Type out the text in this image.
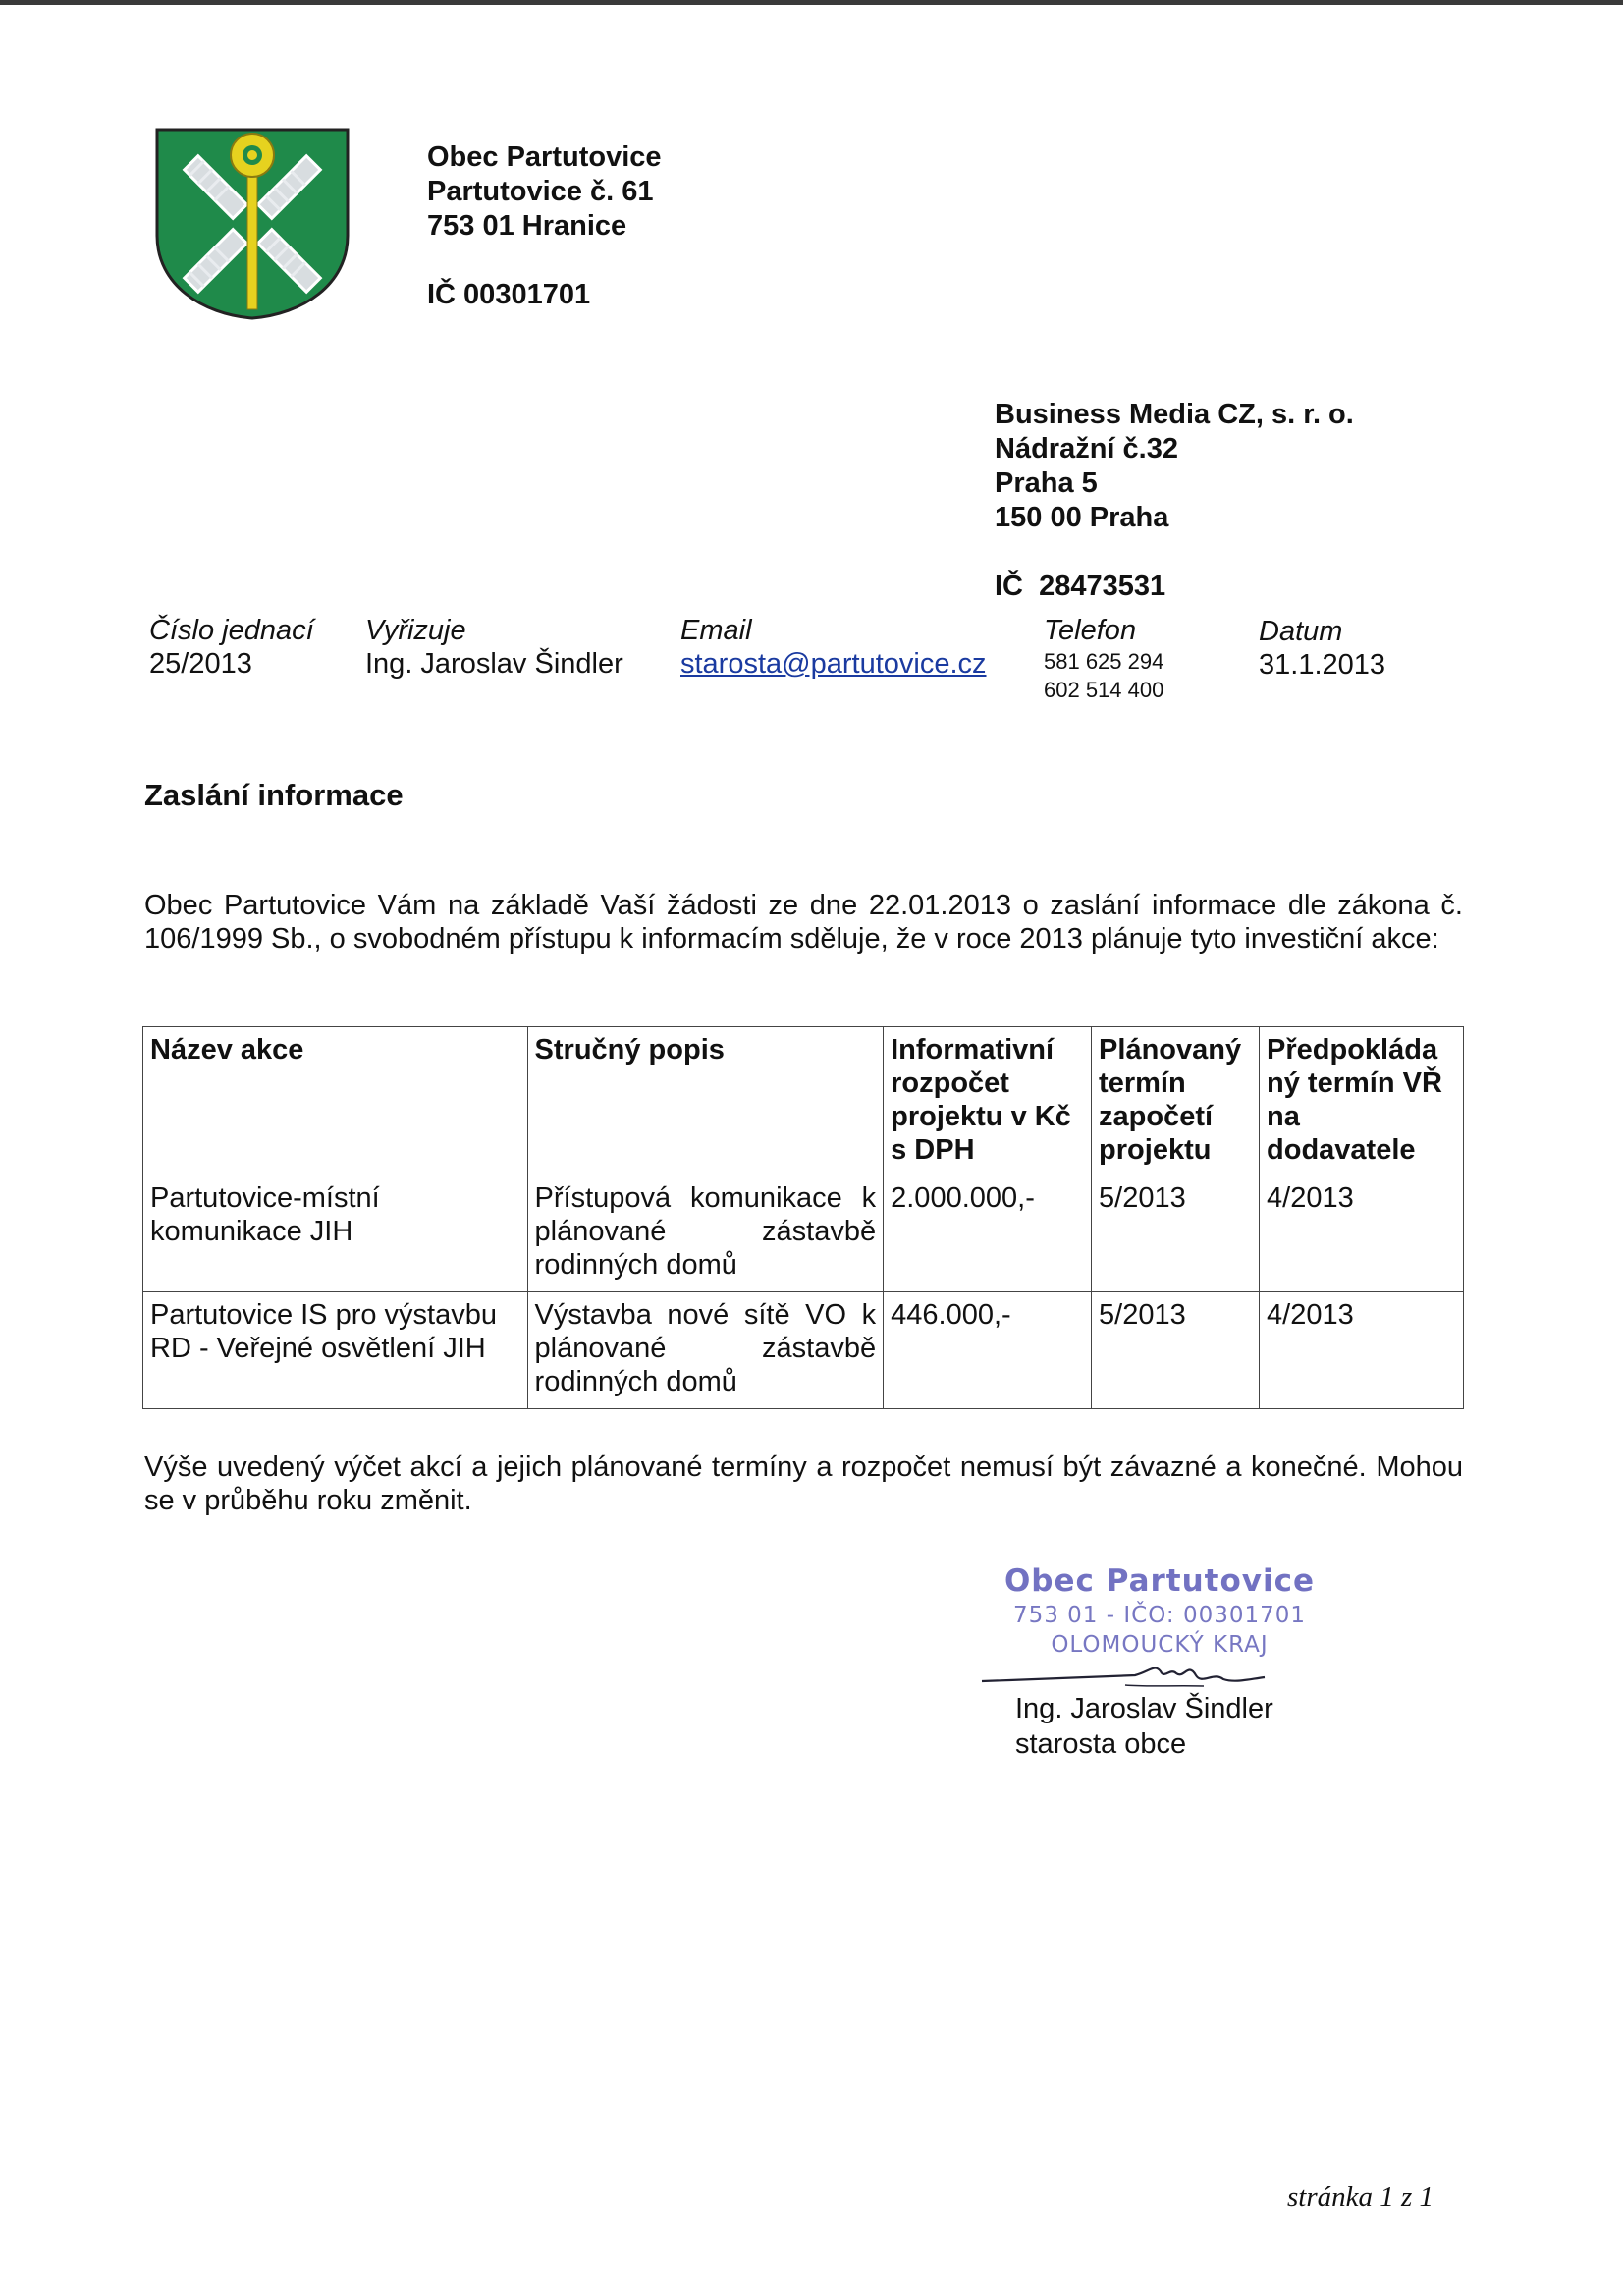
Obec Partutovice
Partutovice č. 61
753 01 Hranice
IČ 00301701
Business Media CZ, s. r. o.
Nádražní č.32
Praha 5
150 00 Praha
IČ 28473531
Číslo jednací
25/2013
Vyřizuje
Ing. Jaroslav Šindler
Email
starosta@partutovice.cz
Telefon
581 625 294
602 514 400
Datum
31.1.2013
Zaslání informace
Obec Partutovice Vám na základě Vaší žádosti ze dne 22.01.2013 o zaslání informace dle zákona č. 106/1999 Sb., o svobodném přístupu k informacím sděluje, že v roce 2013 plánuje tyto investiční akce:
Název akce	Stručný popis	Informativní rozpočet projektu v Kč s DPH	Plánovaný termín započetí projektu	Předpokláda ný termín VŘ na dodavatele
Partutovice-místní komunikace JIH	Přístupová komunikace k plánované zástavbě rodinných domů	2.000.000,-	5/2013	4/2013
Partutovice IS pro výstavbu RD - Veřejné osvětlení JIH	Výstavba nové sítě VO k plánované zástavbě rodinných domů	446.000,-	5/2013	4/2013
Výše uvedený výčet akcí a jejich plánované termíny a rozpočet nemusí být závazné a konečné. Mohou se v průběhu roku změnit.
Obec Partutovice
753 01 - IČO: 00301701
OLOMOUCKÝ KRAJ
Ing. Jaroslav Šindler
starosta obce
stránka 1 z 1
